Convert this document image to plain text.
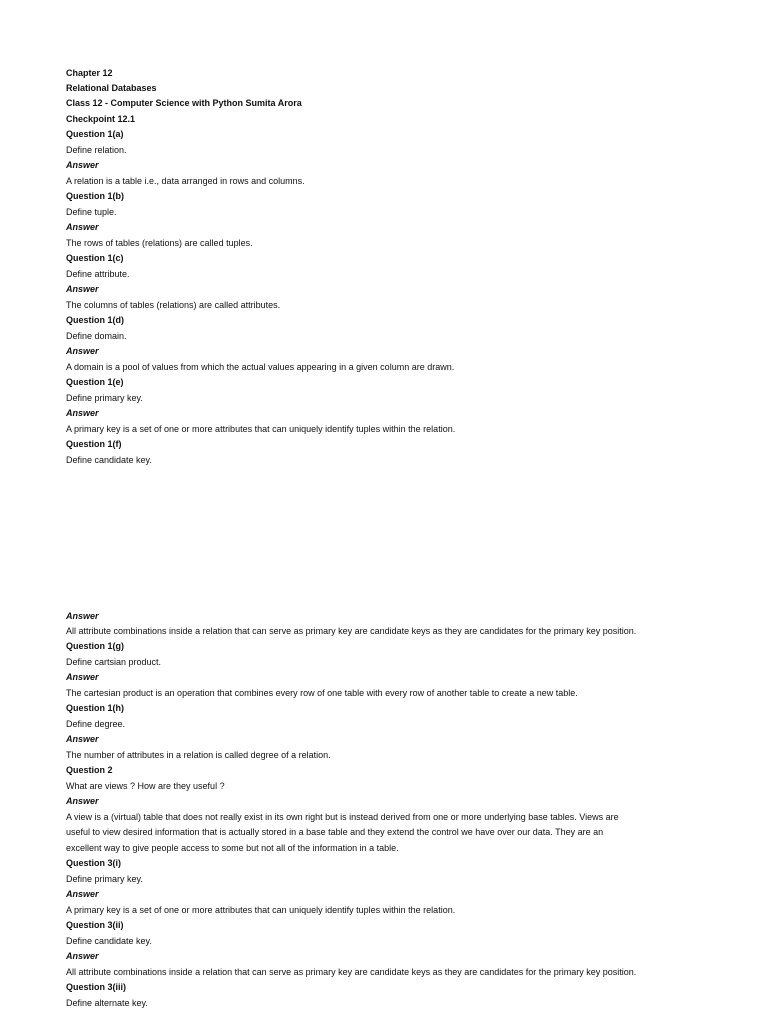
Chapter 12
Relational Databases
Class 12 - Computer Science with Python Sumita Arora
Checkpoint 12.1
Question 1(a)
Define relation.
Answer
A relation is a table i.e., data arranged in rows and columns.
Question 1(b)
Define tuple.
Answer
The rows of tables (relations) are called tuples.
Question 1(c)
Define attribute.
Answer
The columns of tables (relations) are called attributes.
Question 1(d)
Define domain.
Answer
A domain is a pool of values from which the actual values appearing in a given column are drawn.
Question 1(e)
Define primary key.
Answer
A primary key is a set of one or more attributes that can uniquely identify tuples within the relation.
Question 1(f)
Define candidate key.
Answer
All attribute combinations inside a relation that can serve as primary key are candidate keys as they are candidates for the primary key position.
Question 1(g)
Define cartsian product.
Answer
The cartesian product is an operation that combines every row of one table with every row of another table to create a new table.
Question 1(h)
Define degree.
Answer
The number of attributes in a relation is called degree of a relation.
Question 2
What are views ? How are they useful ?
Answer
A view is a (virtual) table that does not really exist in its own right but is instead derived from one or more underlying base tables. Views are
useful to view desired information that is actually stored in a base table and they extend the control we have over our data. They are an
excellent way to give people access to some but not all of the information in a table.
Question 3(i)
Define primary key.
Answer
A primary key is a set of one or more attributes that can uniquely identify tuples within the relation.
Question 3(ii)
Define candidate key.
Answer
All attribute combinations inside a relation that can serve as primary key are candidate keys as they are candidates for the primary key position.
Question 3(iii)
Define alternate key.
